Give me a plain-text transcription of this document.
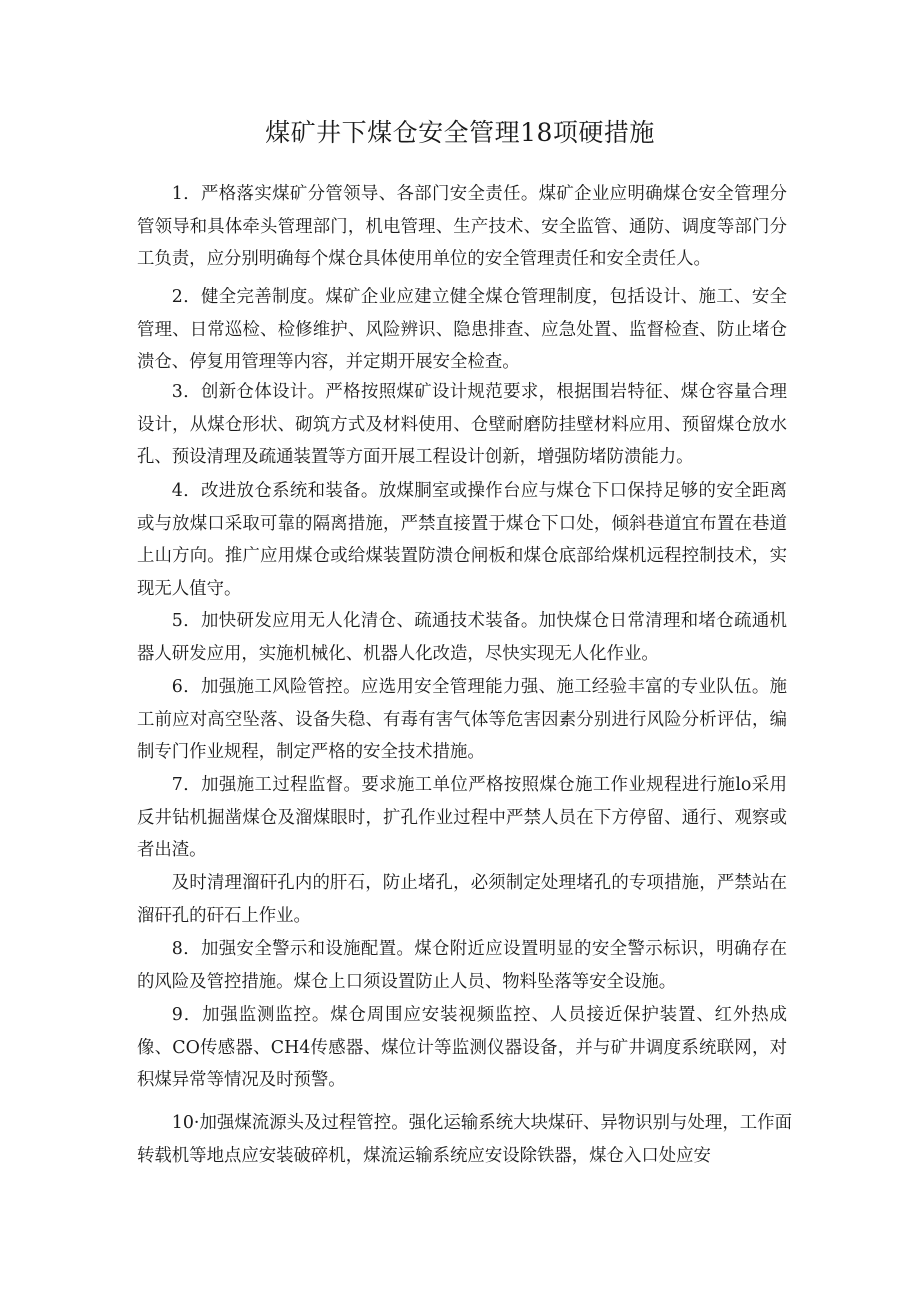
煤矿井下煤仓安全管理18项硬措施

1．严格落实煤矿分管领导、各部门安全责任。煤矿企业应明确煤仓安全管理分管领导和具体牵头管理部门，机电管理、生产技术、安全监管、通防、调度等部门分工负责，应分别明确每个煤仓具体使用单位的安全管理责任和安全责任人。

2．健全完善制度。煤矿企业应建立健全煤仓管理制度，包括设计、施工、安全管理、日常巡检、检修维护、风险辨识、隐患排查、应急处置、监督检查、防止堵仓溃仓、停复用管理等内容，并定期开展安全检查。

3．创新仓体设计。严格按照煤矿设计规范要求，根据围岩特征、煤仓容量合理设计，从煤仓形状、砌筑方式及材料使用、仓壁耐磨防挂壁材料应用、预留煤仓放水孔、预设清理及疏通装置等方面开展工程设计创新，增强防堵防溃能力。

4．改进放仓系统和装备。放煤胴室或操作台应与煤仓下口保持足够的安全距离或与放煤口采取可靠的隔离措施，严禁直接置于煤仓下口处，倾斜巷道宜布置在巷道上山方向。推广应用煤仓或给煤装置防溃仓闸板和煤仓底部给煤机远程控制技术，实现无人值守。

5．加快研发应用无人化清仓、疏通技术装备。加快煤仓日常清理和堵仓疏通机器人研发应用，实施机械化、机器人化改造，尽快实现无人化作业。

6．加强施工风险管控。应选用安全管理能力强、施工经验丰富的专业队伍。施工前应对高空坠落、设备失稳、有毒有害气体等危害因素分别进行风险分析评估，编制专门作业规程，制定严格的安全技术措施。

7．加强施工过程监督。要求施工单位严格按照煤仓施工作业规程进行施lo采用反井钻机掘凿煤仓及溜煤眼时，扩孔作业过程中严禁人员在下方停留、通行、观察或者出渣。

及时清理溜矸孔内的肝石，防止堵孔，必须制定处理堵孔的专项措施，严禁站在溜矸孔的矸石上作业。

8．加强安全警示和设施配置。煤仓附近应设置明显的安全警示标识，明确存在的风险及管控措施。煤仓上口须设置防止人员、物料坠落等安全设施。

9．加强监测监控。煤仓周围应安装视频监控、人员接近保护装置、红外热成像、CO传感器、CH4传感器、煤位计等监测仪器设备，并与矿井调度系统联网，对积煤异常等情况及时预警。

10·加强煤流源头及过程管控。强化运输系统大块煤矸、异物识别与处理，工作面转载机等地点应安装破碎机，煤流运输系统应安设除铁器，煤仓入口处应安
